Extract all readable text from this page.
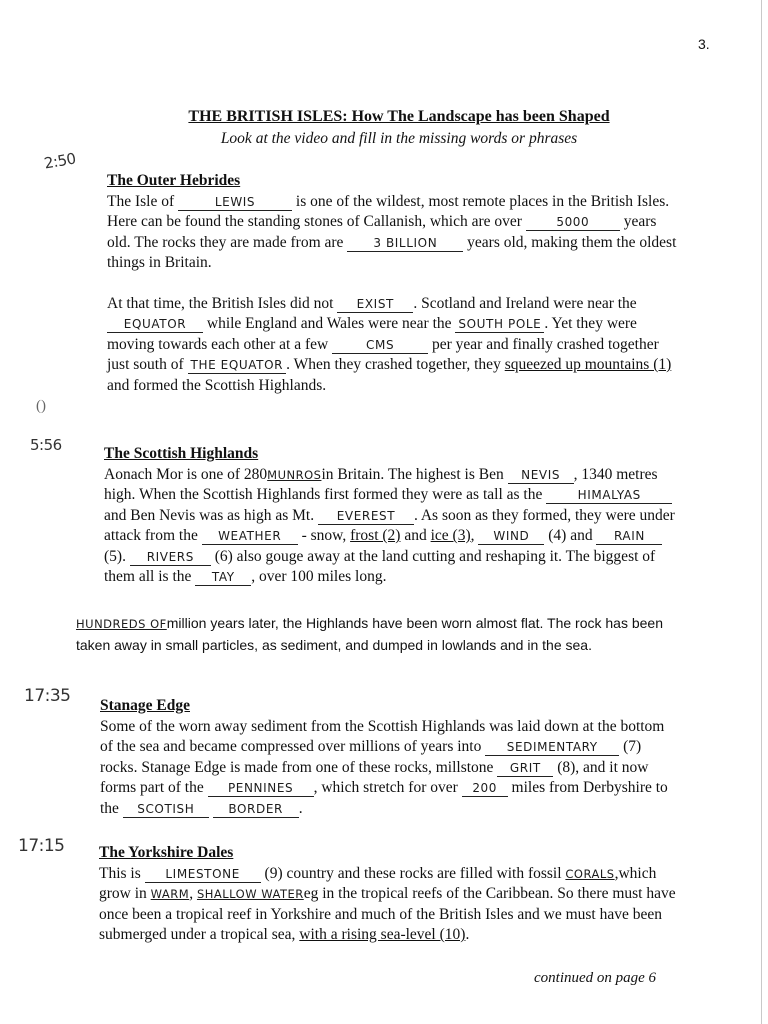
3.
THE BRITISH ISLES: How The Landscape has been Shaped
Look at the video and fill in the missing words or phrases
2:50
5:56
17:35
17:15
()
The Outer Hebrides

The Isle of	LEWIS is one of the wildest, most remote places in the British Isles. Here can be found the standing stones of Callanish, which are over	5000 years old. The rocks they are made from are 3 BILLION years old, making them the oldest things in Britain.

At that time, the British Isles did not EXIST . Scotland and Ireland were near the EQUATOR while England and Wales were near the SOUTH POLE . Yet they were moving towards each other at a few	CMS per year and finally crashed together just south of THE EQUATOR . When they crashed together, they squeezed up mountains (1) and formed the Scottish Highlands.

The Scottish Highlands

Aonach Mor is one of 280MUNROSin Britain. The highest is Ben NEVIS , 1340 metres high. When the Scottish Highlands first formed they were as tall as the	HIMALYAS and Ben Nevis was as high as Mt. EVEREST . As soon as they formed, they were under attack from the WEATHER - snow, frost (2) and ice (3), WIND (4) and RAIN (5). RIVERS (6) also gouge away at the land cutting and reshaping it. The biggest of them all is the TAY , over 100 miles long.

HUNDREDS OFmillion years later, the Highlands have been worn almost flat. The rock has been taken away in small particles, as sediment, and dumped in lowlands and in the sea.

Stanage Edge

Some of the worn away sediment from the Scottish Highlands was laid down at the bottom of the sea and became compressed over millions of years into SEDIMENTARY (7) rocks. Stanage Edge is made from one of these rocks, millstone GRIT (8), and it now forms part of the PENNINES , which stretch for over 200 miles from Derbyshire to the SCOTISH	BORDER .

The Yorkshire Dales

This is LIMESTONE (9) country and these rocks are filled with fossil CORALS,which grow in WARM, SHALLOW WATEReg in the tropical reefs of the Caribbean. So there must have once been a tropical reef in Yorkshire and much of the British Isles and we must have been submerged under a tropical sea, with a rising sea-level (10).

continued on page 6
